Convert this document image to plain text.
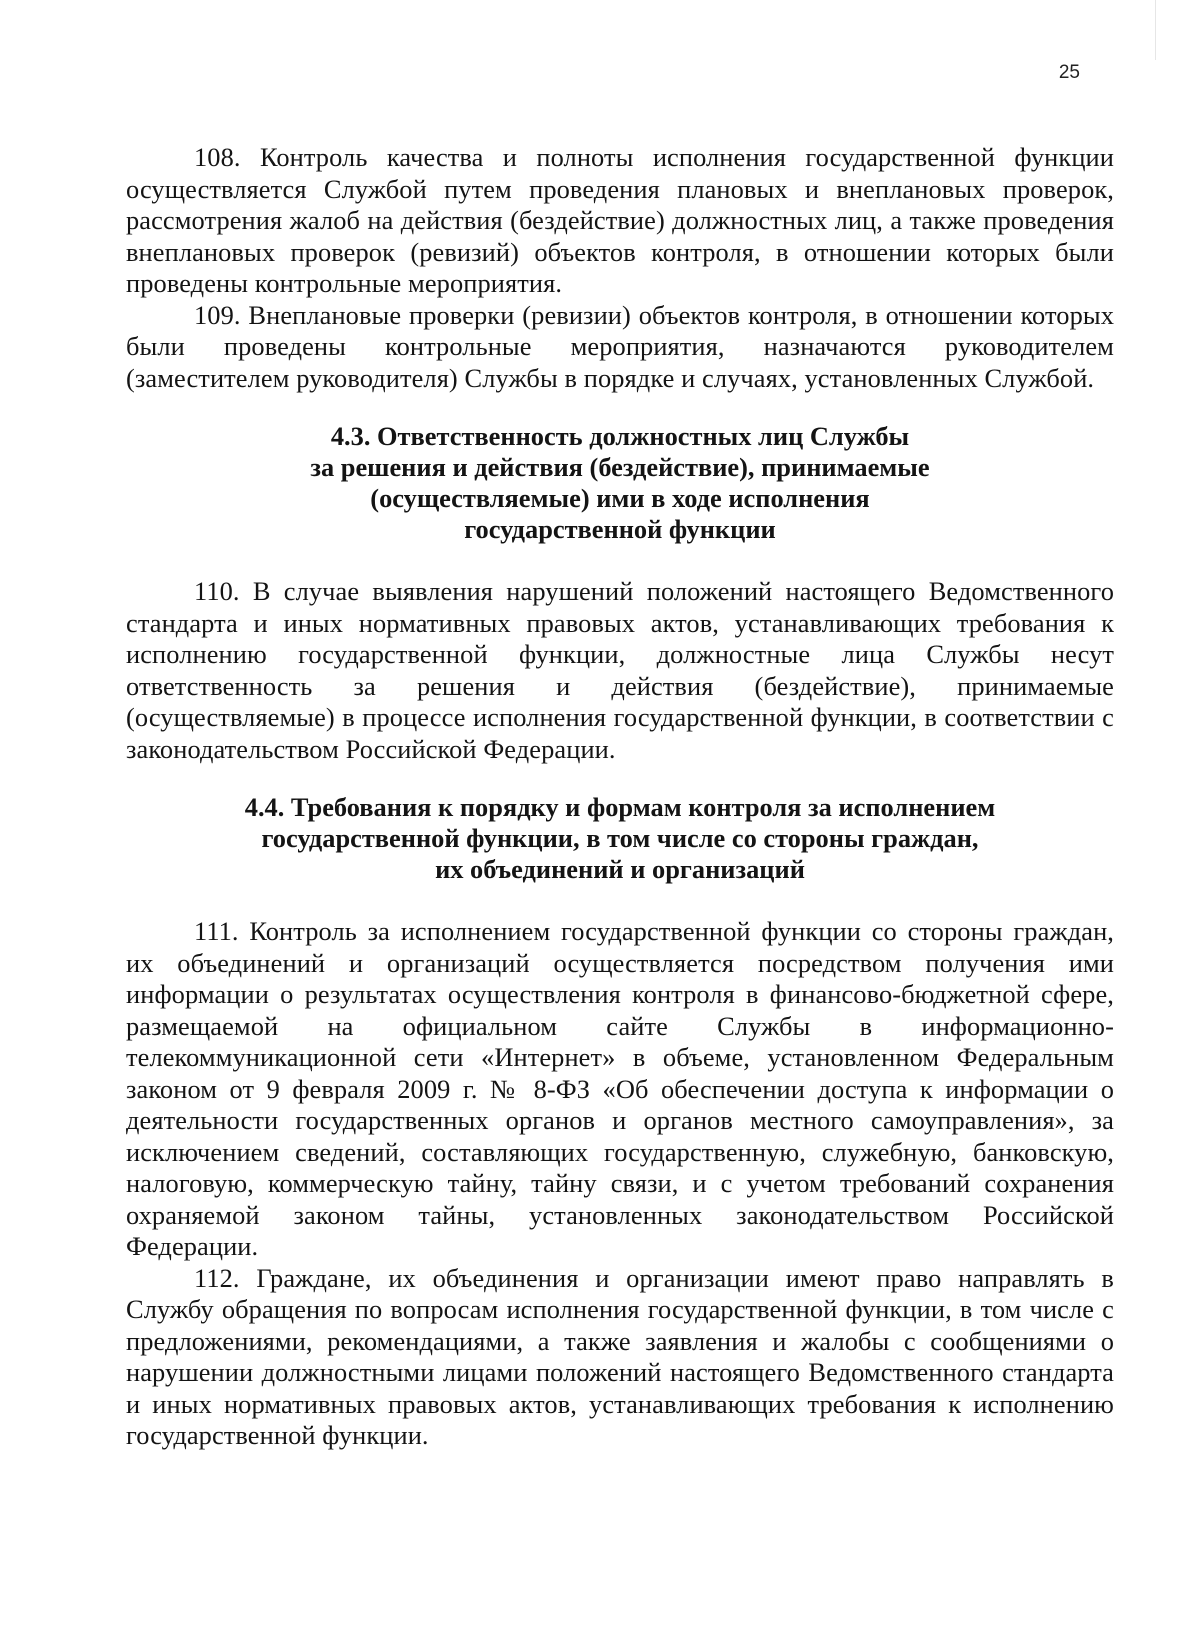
25

108. Контроль качества и полноты исполнения государственной функции осуществляется Службой путем проведения плановых и внеплановых проверок, рассмотрения жалоб на действия (бездействие) должностных лиц, а также проведения внеплановых проверок (ревизий) объектов контроля, в отношении которых были проведены контрольные мероприятия.

109. Внеплановые проверки (ревизии) объектов контроля, в отношении которых были проведены контрольные мероприятия, назначаются руководителем (заместителем руководителя) Службы в порядке и случаях, установленных Службой.

4.3. Ответственность должностных лиц Службы
за решения и действия (бездействие), принимаемые
(осуществляемые) ими в ходе исполнения
государственной функции

110. В случае выявления нарушений положений настоящего Ведомственного стандарта и иных нормативных правовых актов, устанавливающих требования к исполнению государственной функции, должностные лица Службы несут ответственность за решения и действия (бездействие), принимаемые (осуществляемые) в процессе исполнения государственной функции, в соответствии с законодательством Российской Федерации.

4.4. Требования к порядку и формам контроля за исполнением
государственной функции, в том числе со стороны граждан,
их объединений и организаций

111. Контроль за исполнением государственной функции со стороны граждан, их объединений и организаций осуществляется посредством получения ими информации о результатах осуществления контроля в финансово-бюджетной сфере, размещаемой на официальном сайте Службы в информационно-телекоммуникационной сети «Интернет» в объеме, установленном Федеральным законом от 9 февраля 2009 г. № 8-ФЗ «Об обеспечении доступа к информации о деятельности государственных органов и органов местного самоуправления», за исключением сведений, составляющих государственную, служебную, банковскую, налоговую, коммерческую тайну, тайну связи, и с учетом требований сохранения охраняемой законом тайны, установленных законодательством Российской Федерации.

112. Граждане, их объединения и организации имеют право направлять в Службу обращения по вопросам исполнения государственной функции, в том числе с предложениями, рекомендациями, а также заявления и жалобы с сообщениями о нарушении должностными лицами положений настоящего Ведомственного стандарта и иных нормативных правовых актов, устанавливающих требования к исполнению государственной функции.
